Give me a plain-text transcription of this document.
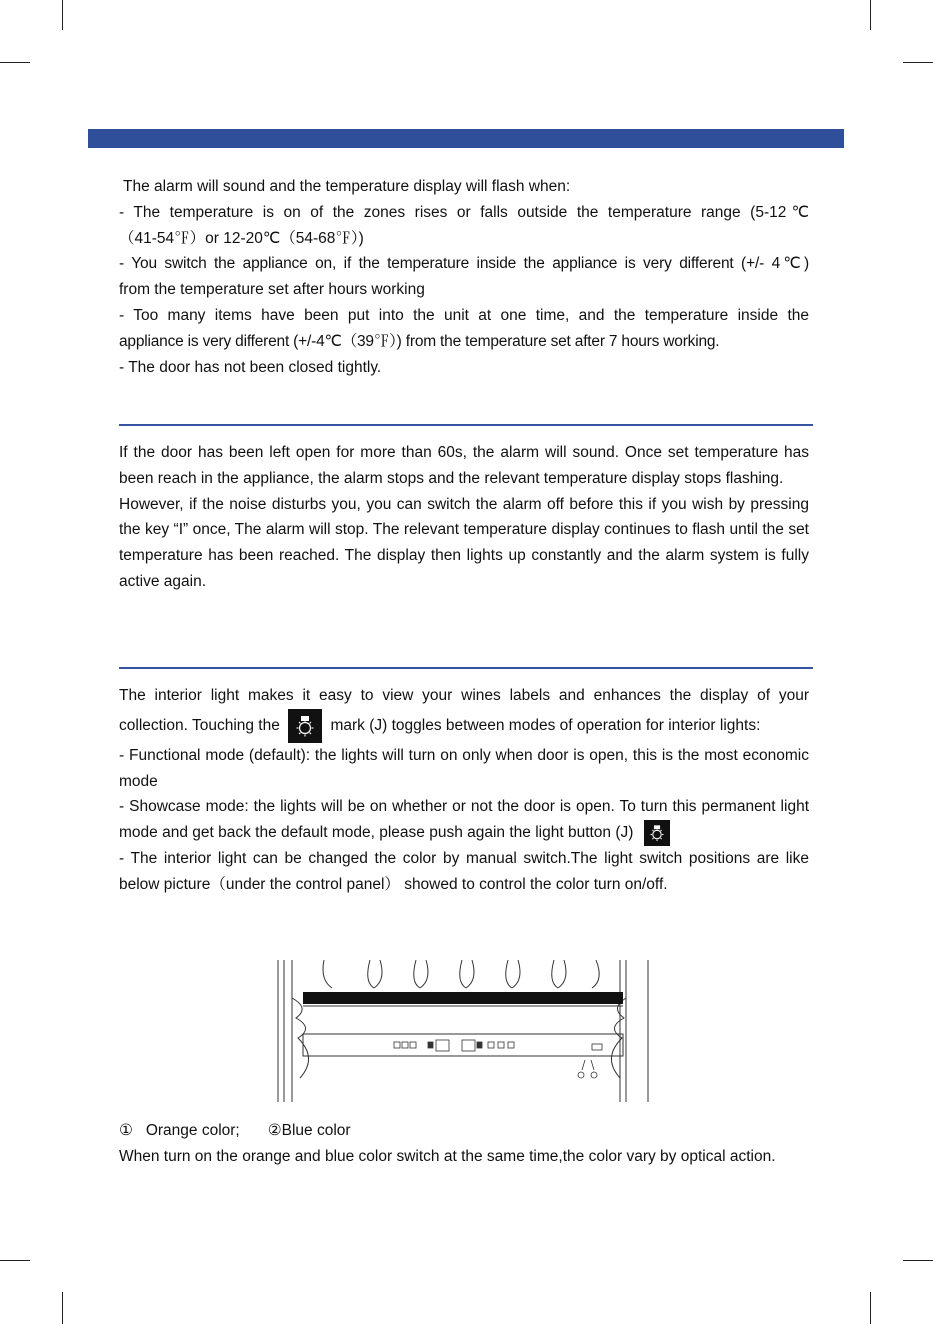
The alarm will sound and the temperature display will flash when:

- The temperature is on of the zones rises or falls outside the temperature range (5-12℃

（41-54℉）or 12-20℃（54-68℉）)

- You switch the appliance on, if the temperature inside the appliance is very different (+/- 4℃)

from the temperature set after hours working

- Too many items have been put into the unit at one time, and the temperature inside the

appliance is very different (+/-4℃（39℉）) from the temperature set after 7 hours working.

- The door has not been closed tightly.

If the door has been left open for more than 60s, the alarm will sound. Once set temperature has been reach in the appliance, the alarm stops and the relevant temperature display stops flashing.

However, if the noise disturbs you, you can switch the alarm off before this if you wish by pressing the key “I” once, The alarm will stop. The relevant temperature display continues to flash until the set temperature has been reached. The display then lights up constantly and the alarm system is fully active again.

The interior light makes it easy to view your wines labels and enhances the display of your collection. Touching the	mark (J) toggles between modes of operation for interior lights:

- Functional mode (default): the lights will turn on only when door is open, this is the most economic mode

- Showcase mode: the lights will be on whether or not the door is open. To turn this permanent light mode and get back the default mode, please push again the light button (J)

- The interior light can be changed the color by manual switch.The light switch positions are like below picture（under the control panel） showed to control the color turn on/off.

①   Orange color; ②Blue color

When turn on the orange and blue color switch at the same time,the color vary by optical action.
